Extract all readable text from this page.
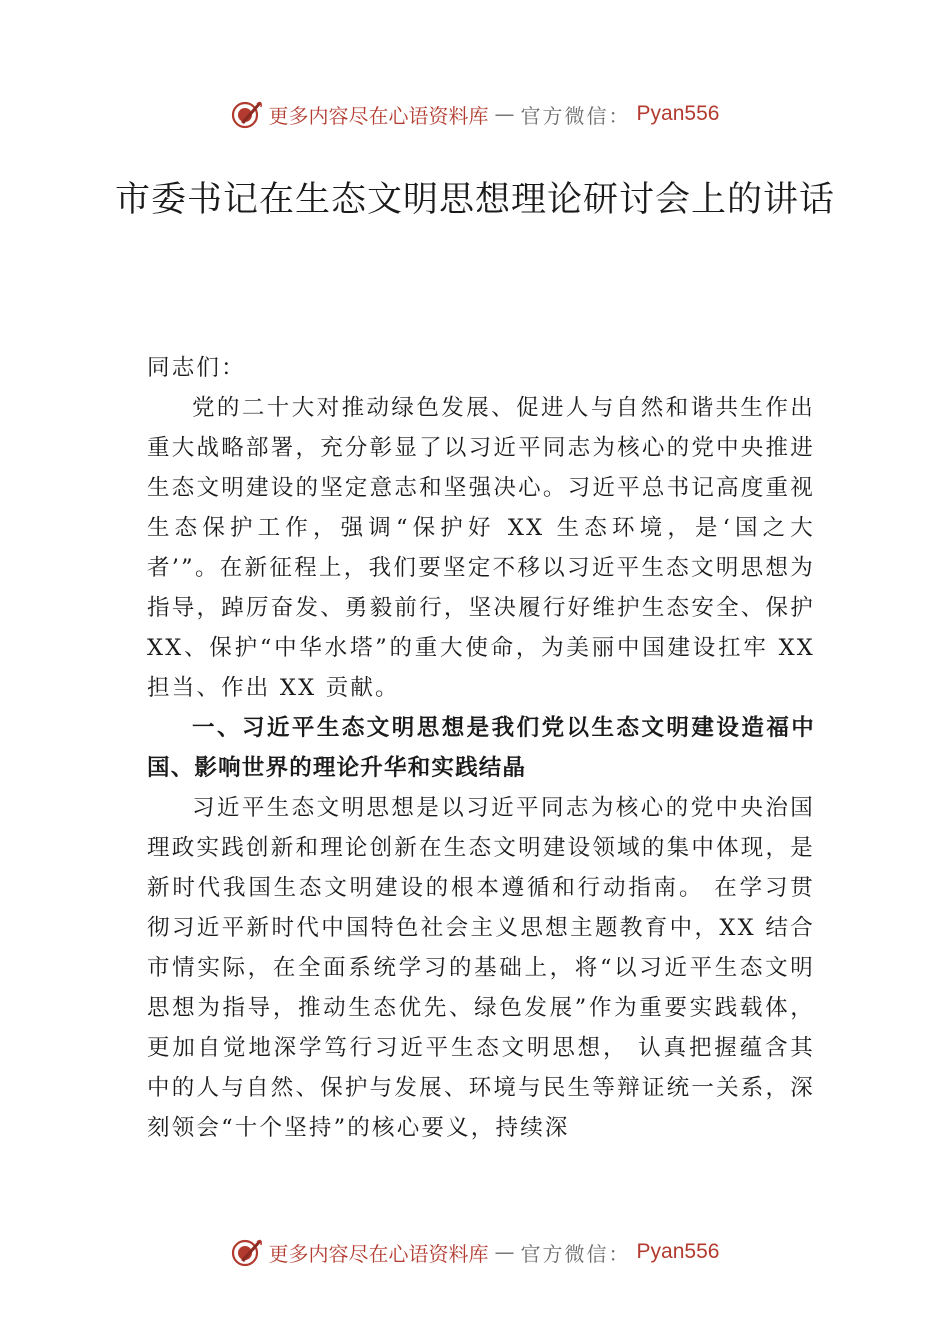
更多内容尽在心语资料库 — 官方微信： Pyan556
市委书记在生态文明思想理论研讨会上的讲话

同志们：

党的二十大对推动绿色发展、促进人与自然和谐共生作出重大战略部署，充分彰显了以习近平同志为核心的党中央推进生态文明建设的坚定意志和坚强决心。习近平总书记高度重视生态保护工作，强调“保护好 XX 生态环境，是‘国之大者’”。在新征程上，我们要坚定不移以习近平生态文明思想为指导，踔厉奋发、勇毅前行，坚决履行好维护生态安全、保护 XX、保护“中华水塔”的重大使命，为美丽中国建设扛牢 XX 担当、作出 XX 贡献。

一、习近平生态文明思想是我们党以生态文明建设造福中国、影响世界的理论升华和实践结晶

习近平生态文明思想是以习近平同志为核心的党中央治国理政实践创新和理论创新在生态文明建设领域的集中体现，是新时代我国生态文明建设的根本遵循和行动指南。 在学习贯彻习近平新时代中国特色社会主义思想主题教育中，XX 结合市情实际，在全面系统学习的基础上，将“以习近平生态文明思想为指导，推动生态优先、绿色发展”作为重要实践载体，更加自觉地深学笃行习近平生态文明思想， 认真把握蕴含其中的人与自然、保护与发展、环境与民生等辩证统一关系，深刻领会“十个坚持”的核心要义，持续深

更多内容尽在心语资料库 — 官方微信： Pyan556
